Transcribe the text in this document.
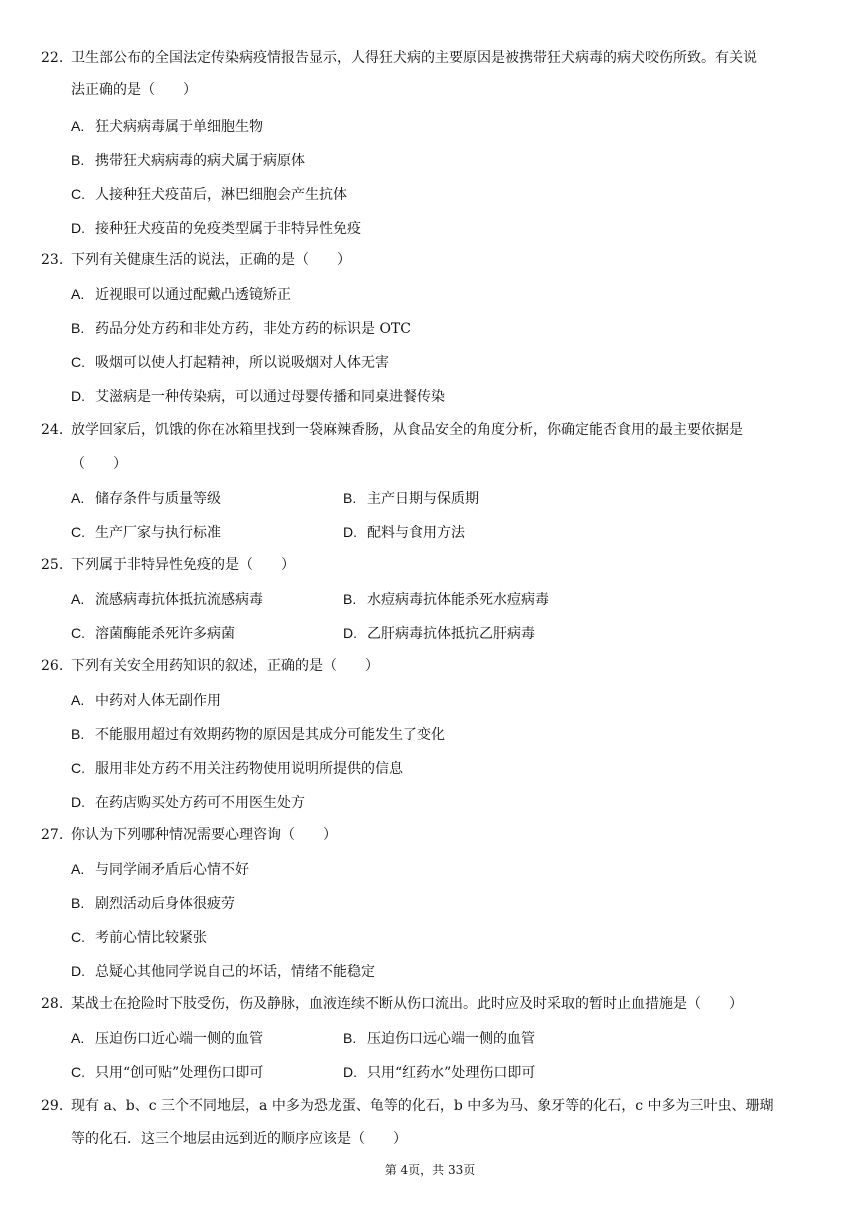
22. 卫生部公布的全国法定传染病疫情报告显示，人得狂犬病的主要原因是被携带狂犬病毒的病犬咬伤所致。有关说
法正确的是（　　）
A. 狂犬病病毒属于单细胞生物
B. 携带狂犬病病毒的病犬属于病原体
C. 人接种狂犬疫苗后，淋巴细胞会产生抗体
D. 接种狂犬疫苗的免疫类型属于非特异性免疫
23. 下列有关健康生活的说法，正确的是（　　）
A. 近视眼可以通过配戴凸透镜矫正
B. 药品分处方药和非处方药，非处方药的标识是 OTC
C. 吸烟可以使人打起精神，所以说吸烟对人体无害
D. 艾滋病是一种传染病，可以通过母婴传播和同桌进餐传染
24. 放学回家后，饥饿的你在冰箱里找到一袋麻辣香肠，从食品安全的角度分析，你确定能否食用的最主要依据是
（　　）
A. 储存条件与质量等级	B. 主产日期与保质期
C. 生产厂家与执行标准	D. 配料与食用方法
25. 下列属于非特异性免疫的是（　　）
A. 流感病毒抗体抵抗流感病毒	B. 水痘病毒抗体能杀死水痘病毒
C. 溶菌酶能杀死许多病菌	D. 乙肝病毒抗体抵抗乙肝病毒
26. 下列有关安全用药知识的叙述，正确的是（　　）
A. 中药对人体无副作用
B. 不能服用超过有效期药物的原因是其成分可能发生了变化
C. 服用非处方药不用关注药物使用说明所提供的信息
D. 在药店购买处方药可不用医生处方
27. 你认为下列哪种情况需要心理咨询（　　）
A. 与同学闹矛盾后心情不好
B. 剧烈活动后身体很疲劳
C. 考前心情比较紧张
D. 总疑心其他同学说自己的坏话，情绪不能稳定
28. 某战士在抢险时下肢受伤，伤及静脉，血液连续不断从伤口流出。此时应及时采取的暂时止血措施是（　　）
A. 压迫伤口近心端一侧的血管	B. 压迫伤口远心端一侧的血管
C. 只用“创可贴”处理伤口即可	D. 只用“红药水”处理伤口即可
29. 现有 a、b、c 三个不同地层，a 中多为恐龙蛋、龟等的化石，b 中多为马、象牙等的化石，c 中多为三叶虫、珊瑚
等的化石．这三个地层由远到近的顺序应该是（　　）
第 4页，共 33页
